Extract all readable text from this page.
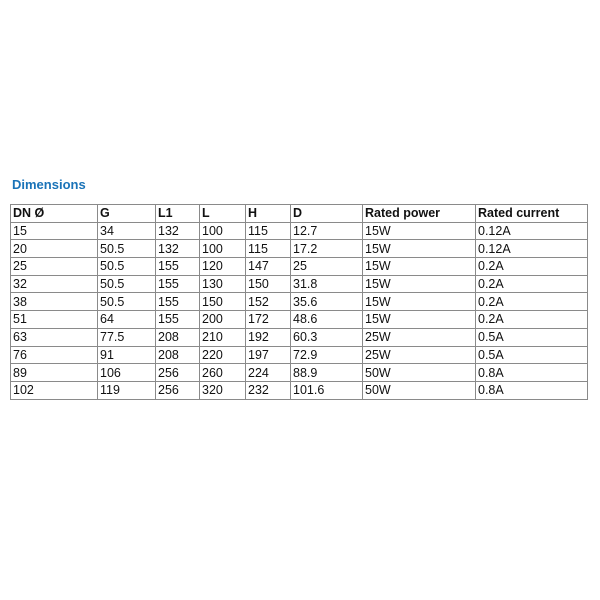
Dimensions
DN Ø	G	L1	L	H	D	Rated power	Rated current
15	34	132	100	115	12.7	15W	0.12A
20	50.5	132	100	115	17.2	15W	0.12A
25	50.5	155	120	147	25	15W	0.2A
32	50.5	155	130	150	31.8	15W	0.2A
38	50.5	155	150	152	35.6	15W	0.2A
51	64	155	200	172	48.6	15W	0.2A
63	77.5	208	210	192	60.3	25W	0.5A
76	91	208	220	197	72.9	25W	0.5A
89	106	256	260	224	88.9	50W	0.8A
102	119	256	320	232	101.6	50W	0.8A
